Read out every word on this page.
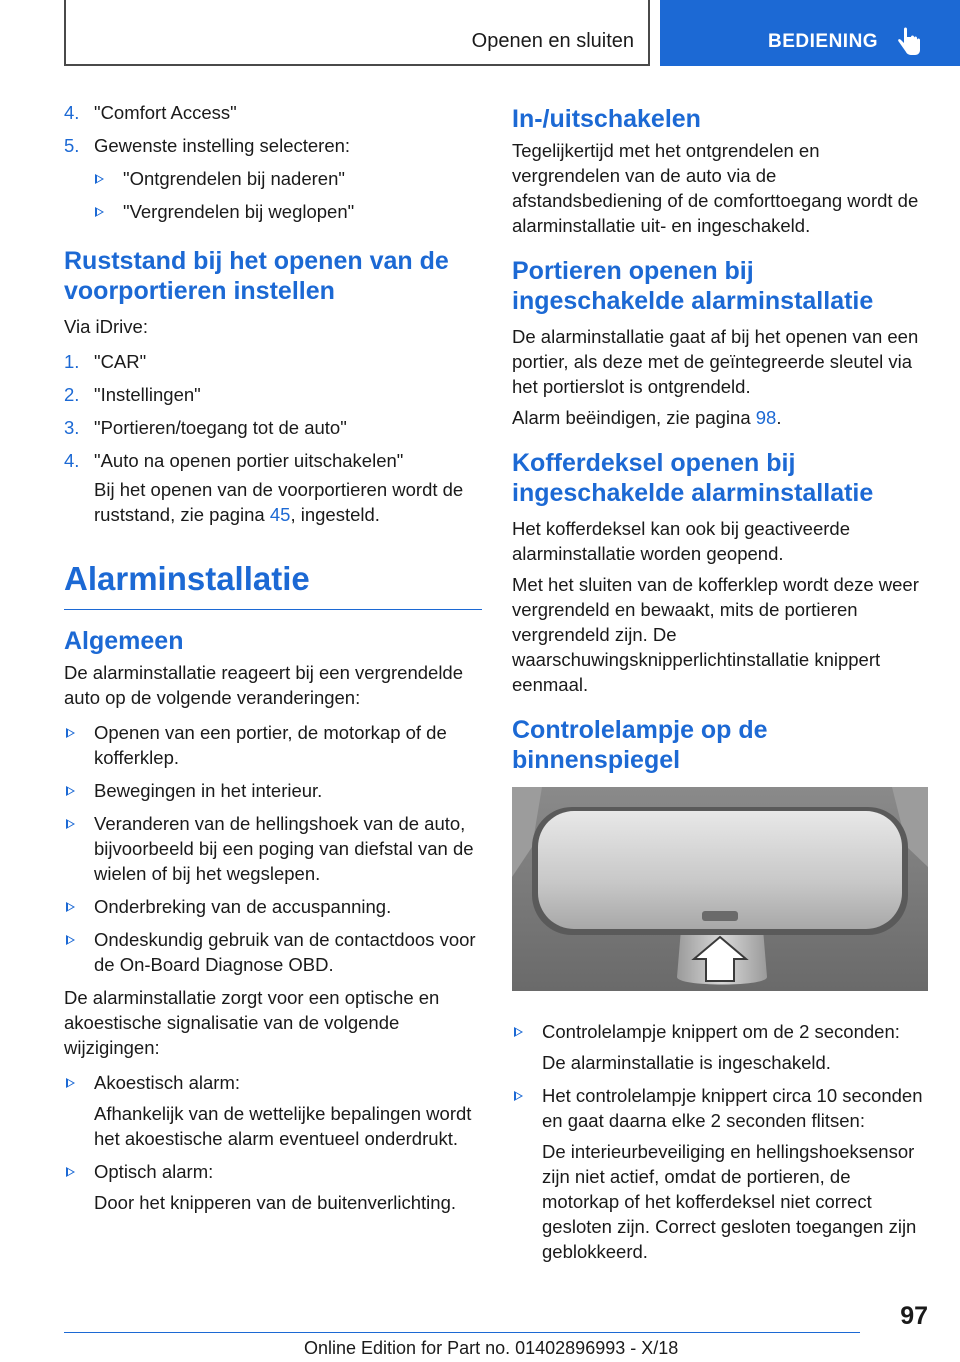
Openen en sluiten	BEDIENING
4. "Comfort Access"
5. Gewenste instelling selecteren:
"Ontgrendelen bij naderen"
"Vergrendelen bij weglopen"
Ruststand bij het openen van de voorportieren instellen
Via iDrive:
1. "CAR"
2. "Instellingen"
3. "Portieren/toegang tot de auto"
4. "Auto na openen portier uitschakelen"
Bij het openen van de voorportieren wordt de ruststand, zie pagina 45, ingesteld.
Alarminstallatie
Algemeen
De alarminstallatie reageert bij een vergrendelde auto op de volgende veranderingen:
Openen van een portier, de motorkap of de kofferklep.
Bewegingen in het interieur.
Veranderen van de hellingshoek van de auto, bijvoorbeeld bij een poging van diefstal van de wielen of bij het wegslepen.
Onderbreking van de accuspanning.
Ondeskundig gebruik van de contactdoos voor de On-Board Diagnose OBD.
De alarminstallatie zorgt voor een optische en akoestische signalisatie van de volgende wijzigingen:
Akoestisch alarm:
Afhankelijk van de wettelijke bepalingen wordt het akoestische alarm eventueel onderdrukt.
Optisch alarm:
Door het knipperen van de buitenverlichting.
In-/uitschakelen
Tegelijkertijd met het ontgrendelen en vergrendelen van de auto via de afstandsbediening of de comforttoegang wordt de alarminstallatie uit- en ingeschakeld.
Portieren openen bij ingeschakelde alarminstallatie
De alarminstallatie gaat af bij het openen van een portier, als deze met de geïntegreerde sleutel via het portierslot is ontgrendeld.
Alarm beëindigen, zie pagina 98.
Kofferdeksel openen bij ingeschakelde alarminstallatie
Het kofferdeksel kan ook bij geactiveerde alarminstallatie worden geopend.
Met het sluiten van de kofferklep wordt deze weer vergrendeld en bewaakt, mits de portieren vergrendeld zijn. De waarschuwingsknipperlichtinstallatie knippert eenmaal.
Controlelampje op de binnenspiegel
Controlelampje knippert om de 2 seconden:
De alarminstallatie is ingeschakeld.
Het controlelampje knippert circa 10 seconden en gaat daarna elke 2 seconden flitsen:
De interieurbeveiliging en hellingshoeksensor zijn niet actief, omdat de portieren, de motorkap of het kofferdeksel niet correct gesloten zijn. Correct gesloten toegangen zijn geblokkeerd.
97
Online Edition for Part no. 01402896993 - X/18
